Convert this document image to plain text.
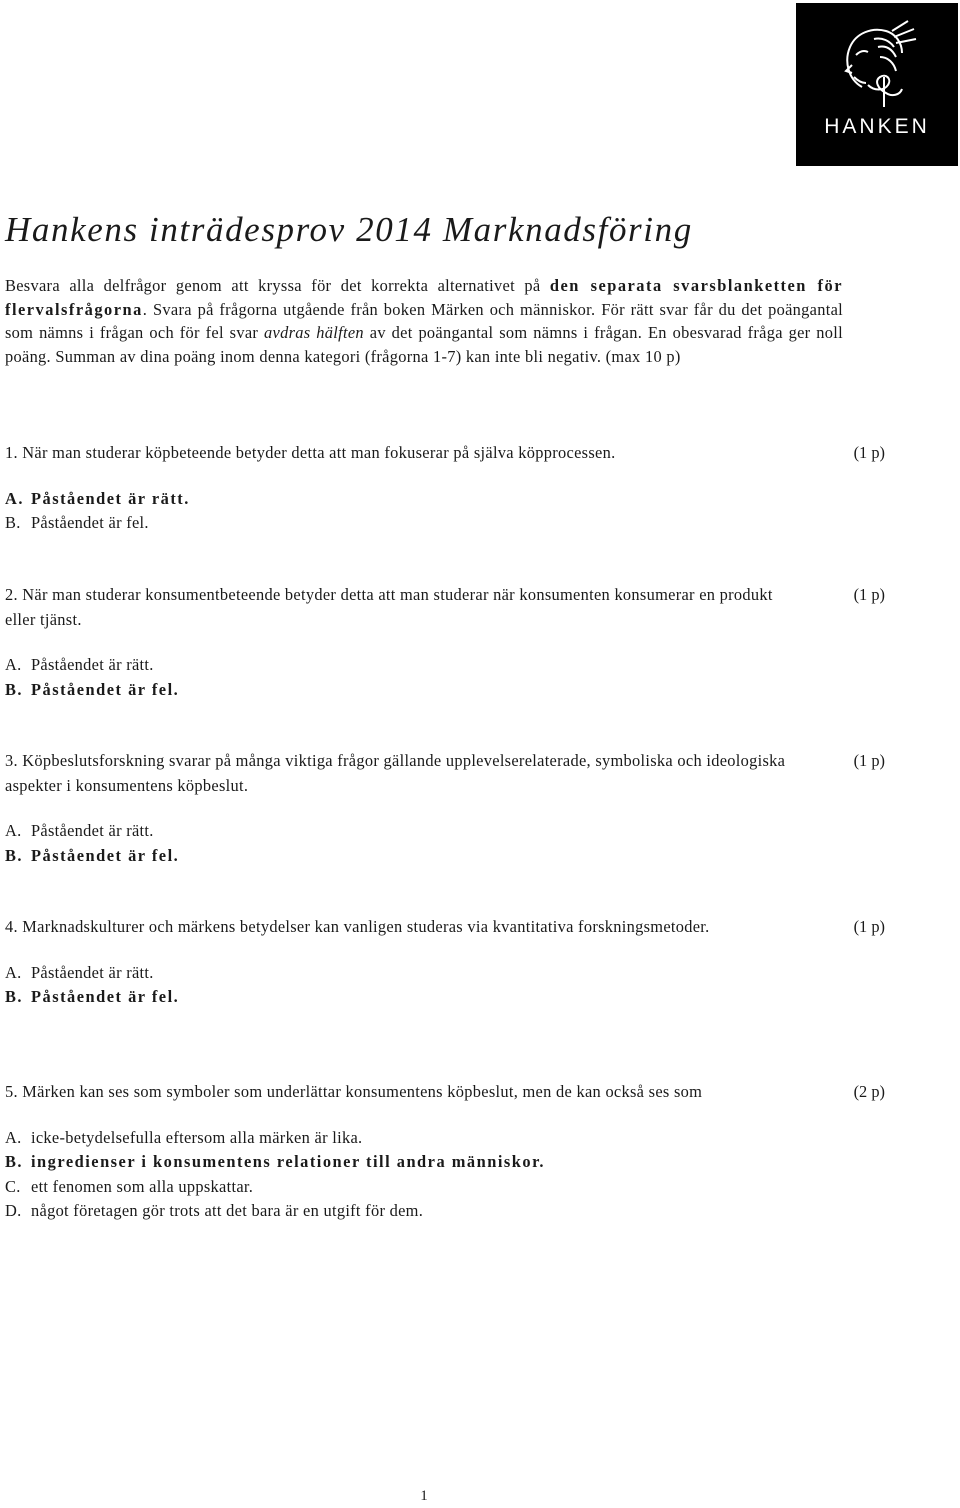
HANKEN
Hankens inträdesprov 2014 Marknadsföring

Besvara alla delfrågor genom att kryssa för det korrekta alternativet på den separata svarsblanketten för flervalsfrågorna. Svara på frågorna utgående från boken Märken och människor. För rätt svar får du det poängantal som nämns i frågan och för fel svar avdras hälften av det poängantal som nämns i frågan. En obesvarad fråga ger noll poäng. Summan av dina poäng inom denna kategori (frågorna 1-7) kan inte bli negativ. (max 10 p)

1. När man studerar köpbeteende betyder detta att man fokuserar på själva köpprocessen.	(1 p)
A. Påståendet är rätt.
B. Påståendet är fel.
2. När man studerar konsumentbeteende betyder detta att man studerar när konsumenten konsumerar en produkt eller tjänst.
(1 p)
A. Påståendet är rätt.
B. Påståendet är fel.
3. Köpbeslutsforskning svarar på många viktiga frågor gällande upplevelserelaterade, symboliska och ideologiska aspekter i konsumentens köpbeslut.
(1 p)
A. Påståendet är rätt.
B. Påståendet är fel.
4. Marknadskulturer och märkens betydelser kan vanligen studeras via kvantitativa forskningsmetoder.	(1 p)
A. Påståendet är rätt.
B. Påståendet är fel.
5. Märken kan ses som symboler som underlättar konsumentens köpbeslut, men de kan också ses som	(2 p)
A. icke-betydelsefulla eftersom alla märken är lika.
B. ingredienser i konsumentens relationer till andra människor.
C. ett fenomen som alla uppskattar.
D. något företagen gör trots att det bara är en utgift för dem.
1
